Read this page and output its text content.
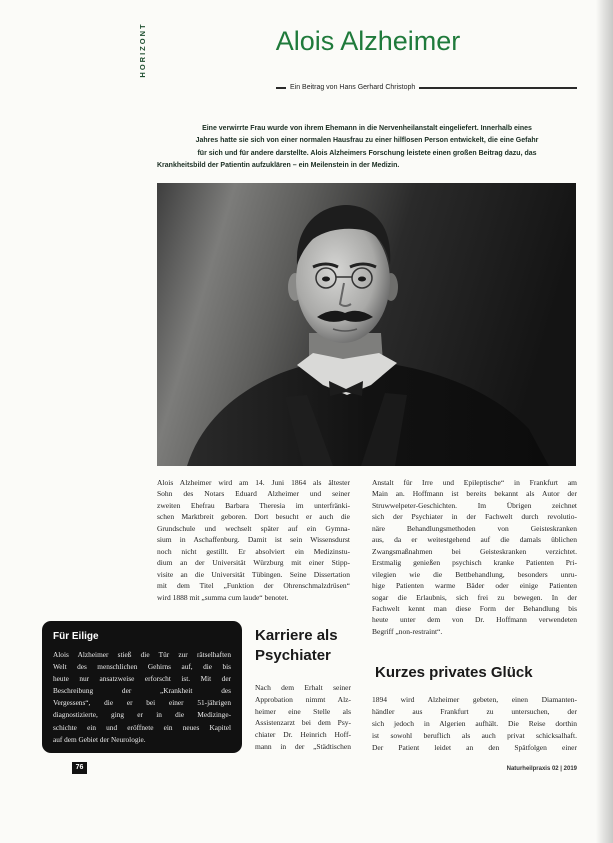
HORIZONT	Alois Alzheimer
Ein Beitrag von Hans Gerhard Christoph
Eine verwirrte Frau wurde von ihrem Ehemann in die Nervenheilanstalt eingeliefert. Innerhalb eines
Jahres hatte sie sich von einer normalen Hausfrau zu einer hilflosen Person entwickelt, die eine Gefahr
für sich und für andere darstellte. Alois Alzheimers Forschung leistete einen großen Beitrag dazu, das
Krankheitsbild der Patientin aufzuklären – ein Meilenstein in der Medizin.
Alois Alzheimer wird am 14. Juni 1864 als ältester
Sohn des Notars Eduard Alzheimer und seiner
zweiten Ehefrau Barbara Theresia im unterfränki-
schen Marktbreit geboren. Dort besucht er auch die
Grundschule und wechselt später auf ein Gymna-
sium in Aschaffenburg. Damit ist sein Wissensdurst
noch nicht gestillt. Er absolviert ein Medizinstu-
dium an der Universität Würzburg mit einer Stipp-
visite an die Universität Tübingen. Seine Dissertation
mit dem Titel „Funktion der Ohrenschmalzdrüsen“
wird 1888 mit „summa cum laude“ benotet.
Anstalt für Irre und Epileptische“ in Frankfurt am
Main an. Hoffmann ist bereits bekannt als Autor der
Struwwelpeter-Geschichten. Im Übrigen zeichnet
sich der Psychiater in der Fachwelt durch revolutio-
näre Behandlungsmethoden von Geisteskranken
aus, da er weitestgehend auf die damals üblichen
Zwangsmaßnahmen bei Geisteskranken verzichtet.
Erstmalig genießen psychisch kranke Patienten Pri-
vilegien wie die Bettbehandlung, besonders unru-
hige Patienten warme Bäder oder einige Patienten
sogar die Erlaubnis, sich frei zu bewegen. In der
Fachwelt kennt man diese Form der Behandlung bis
heute unter dem von Dr. Hoffmann verwendeten
Begriff „non-restraint“.
Karriere als
Psychiater
Nach dem Erhalt seiner
Approbation nimmt Alz-
heimer eine Stelle als
Assistenzarzt bei dem Psy-
chiater Dr. Heinrich Hoff-
mann in der „Städtischen
Kurzes privates Glück
1894 wird Alzheimer gebeten, einen Diamanten-
händler aus Frankfurt zu untersuchen, der
sich jedoch in Algerien aufhält. Die Reise dorthin
ist sowohl beruflich als auch privat schicksalhaft.
Der Patient leidet an den Spätfolgen einer
Für Eilige
Alois Alzheimer stieß die Tür zur rätselhaften
Welt des menschlichen Gehirns auf, die bis
heute nur ansatzweise erforscht ist. Mit der
Beschreibung der „Krankheit des
Vergessens“, die er bei einer 51-jährigen
diagnostizierte, ging er in die Medizinge-
schichte ein und eröffnete ein neues Kapitel
auf dem Gebiet der Neurologie.
76	Naturheilpraxis 02 | 2019
